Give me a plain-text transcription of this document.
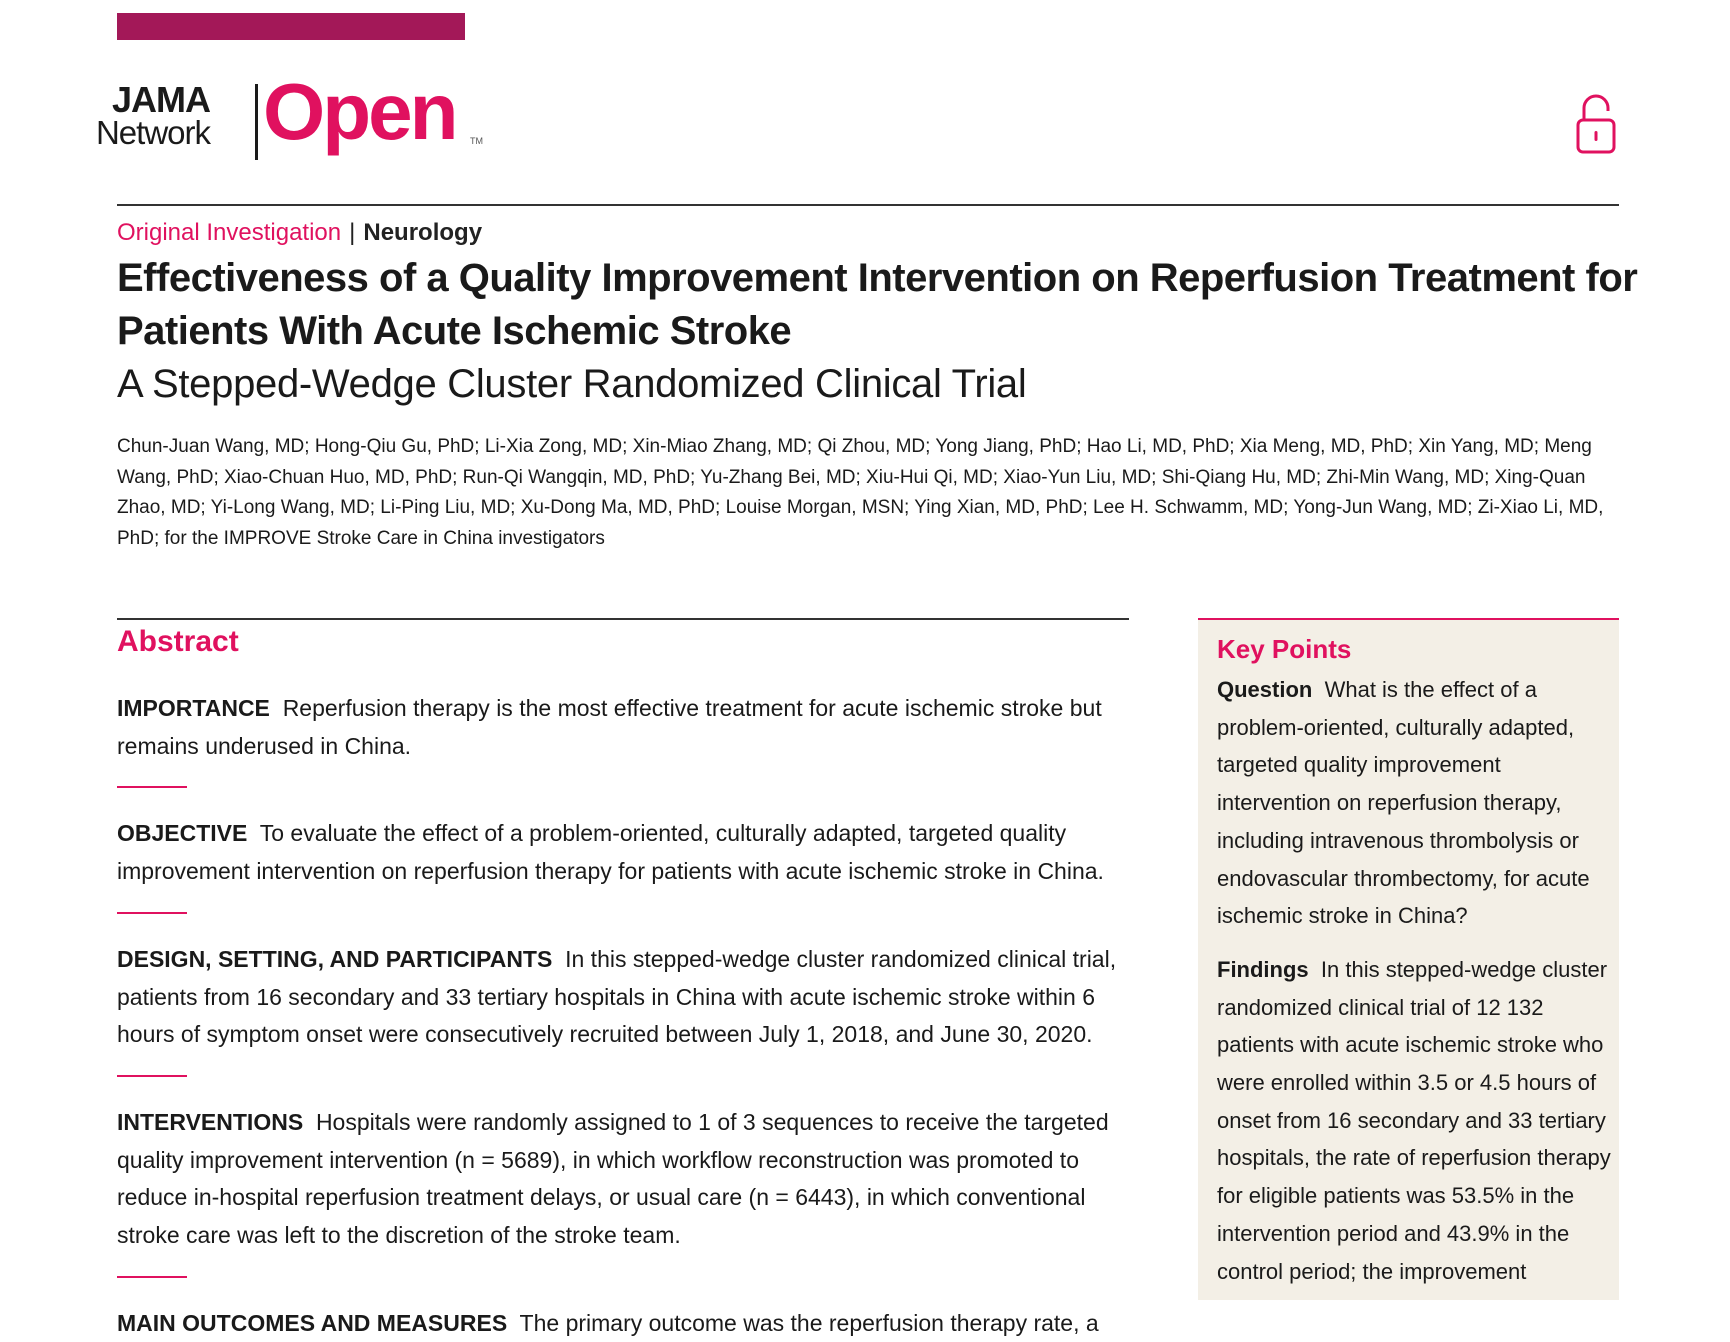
JAMA
Network Open TM
Original Investigation | Neurology
Effectiveness of a Quality Improvement Intervention on Reperfusion Treatment for Patients With Acute Ischemic Stroke
A Stepped-Wedge Cluster Randomized Clinical Trial
Chun-Juan Wang, MD; Hong-Qiu Gu, PhD; Li-Xia Zong, MD; Xin-Miao Zhang, MD; Qi Zhou, MD; Yong Jiang, PhD; Hao Li, MD, PhD; Xia Meng, MD, PhD; Xin Yang, MD; Meng Wang, PhD; Xiao-Chuan Huo, MD, PhD; Run-Qi Wangqin, MD, PhD; Yu-Zhang Bei, MD; Xiu-Hui Qi, MD; Xiao-Yun Liu, MD; Shi-Qiang Hu, MD; Zhi-Min Wang, MD; Xing-Quan Zhao, MD; Yi-Long Wang, MD; Li-Ping Liu, MD; Xu-Dong Ma, MD, PhD; Louise Morgan, MSN; Ying Xian, MD, PhD; Lee H. Schwamm, MD; Yong-Jun Wang, MD; Zi-Xiao Li, MD, PhD; for the IMPROVE Stroke Care in China investigators
Abstract

IMPORTANCE Reperfusion therapy is the most effective treatment for acute ischemic stroke but remains underused in China.

OBJECTIVE To evaluate the effect of a problem-oriented, culturally adapted, targeted quality improvement intervention on reperfusion therapy for patients with acute ischemic stroke in China.

DESIGN, SETTING, AND PARTICIPANTS In this stepped-wedge cluster randomized clinical trial, patients from 16 secondary and 33 tertiary hospitals in China with acute ischemic stroke within 6 hours of symptom onset were consecutively recruited between July 1, 2018, and June 30, 2020.

INTERVENTIONS Hospitals were randomly assigned to 1 of 3 sequences to receive the targeted quality improvement intervention (n = 5689), in which workflow reconstruction was promoted to reduce in-hospital reperfusion treatment delays, or usual care (n = 6443), in which conventional stroke care was left to the discretion of the stroke team.

MAIN OUTCOMES AND MEASURES The primary outcome was the reperfusion therapy rate, a

Key Points

Question What is the effect of a problem-oriented, culturally adapted, targeted quality improvement intervention on reperfusion therapy, including intravenous thrombolysis or endovascular thrombectomy, for acute ischemic stroke in China?

Findings In this stepped-wedge cluster randomized clinical trial of 12 132 patients with acute ischemic stroke who were enrolled within 3.5 or 4.5 hours of onset from 16 secondary and 33 tertiary hospitals, the rate of reperfusion therapy for eligible patients was 53.5% in the intervention period and 43.9% in the control period; the improvement
